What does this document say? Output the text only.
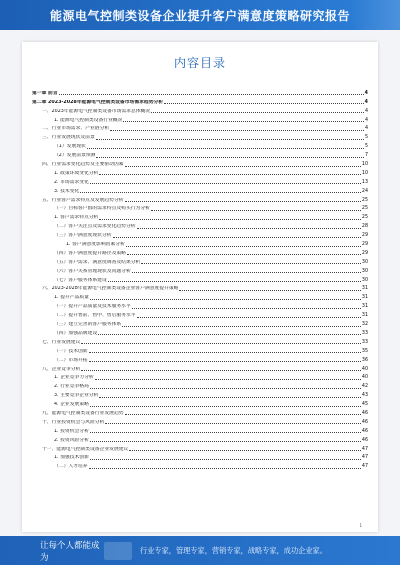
能源电气控制类设备企业提升客户满意度策略研究报告
内容目录
第一章 前言	4
第二章 2023-2028年能源电气控制类设备市场需求趋势分析	4
一、2023年能源电气控制类设备市场需求总体概况	4
1. 能源电气控制类设备行业概况	4
二、行业市场需求、产业链分析	4
三、行业发展现状及前景	5
（1）发展现状	5
（2）发展前景预测	7
四、行业需求变化趋势及主要驱动因素	10
1. 政策环境变化分析	10
2. 市场需求变化	13
3. 技术变化	24
五、行业客户需求特点及发展趋势分析	25
（一）目标客户群的需求特点及购买行为分析	25
1. 客户需求特点分析	25
（二）客户关注点及需求变化趋势分析	28
（三）客户满意度现状分析	29
1. 客户满意度影响因素分析	29
（四）客户满意度提升路径及策略	29
（五）客户需求、满意度调查及结果分析	30
（六）客户关系管理现状及问题分析	30
（七）客户服务体系建设	30
六、2023-2028年能源电气控制类设备企业客户满意度提升策略	31
1. 提升产品质量	31
（一）提升产品质量及技术服务水平	31
（二）提升售前、售中、售后服务水平	31
（三）建立完善的客户服务体系	32
（四）加强品牌建设	33
七、行业发展建议	33
（一）技术创新	35
（二）市场开拓	36
八、企业竞争分析	40
1. 企业竞争力分析	40
2. 行业竞争格局	42
3. 主要竞争企业分析	43
4. 企业发展策略	45
九、能源电气控制类设备行业发展趋势	46
十、行业投资机会与风险分析	46
1. 投资机会分析	46
2. 投资风险分析	46
十一、能源电气控制类设备企业发展建议	47
1. 加强技术创新	47
（二）人才培养	47
1
让每个人都能成为
行业专家，管理专家，营销专家，战略专家，成功企业家。
